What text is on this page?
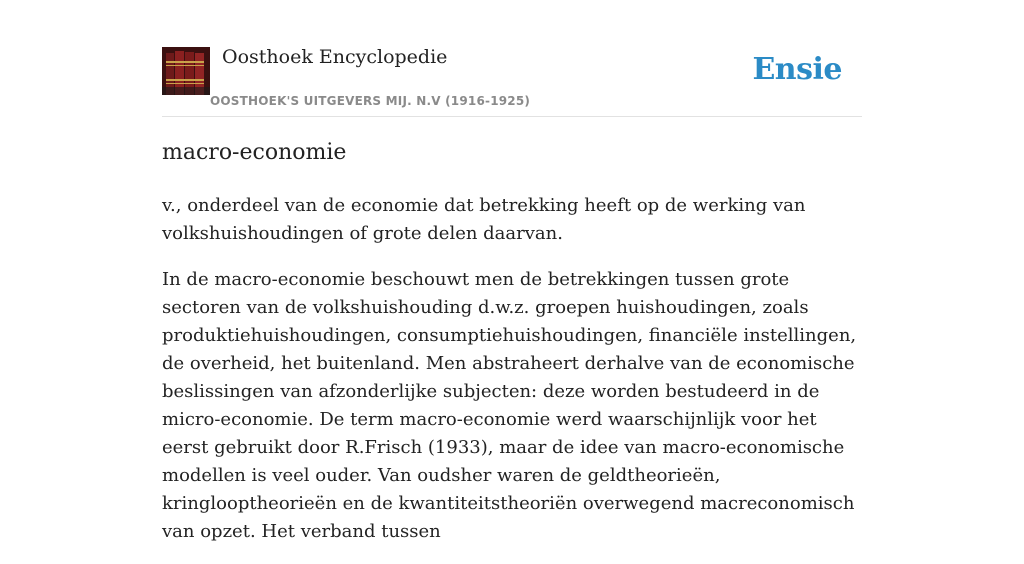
Oosthoek Encyclopedie
OOSTHOEK'S UITGEVERS MIJ. N.V (1916-1925)
Ensie
macro-economie

v., onderdeel van de economie dat betrekking heeft op de werking van volkshuishoudingen of grote delen daarvan.

In de macro-economie beschouwt men de betrekkingen tussen grote sectoren van de volkshuishouding d.w.z. groepen huishoudingen, zoals produktiehuishoudingen, consumptiehuishoudingen, financiële instellingen, de overheid, het buitenland. Men abstraheert derhalve van de economische beslissingen van afzonderlijke subjecten: deze worden bestudeerd in de micro-economie. De term macro-economie werd waarschijnlijk voor het eerst gebruikt door R.Frisch (1933), maar de idee van macro-economische modellen is veel ouder. Van oudsher waren de geldtheorieën, kringlooptheorieën en de kwantiteitstheoriën overwegend macreconomisch van opzet. Het verband tussen
